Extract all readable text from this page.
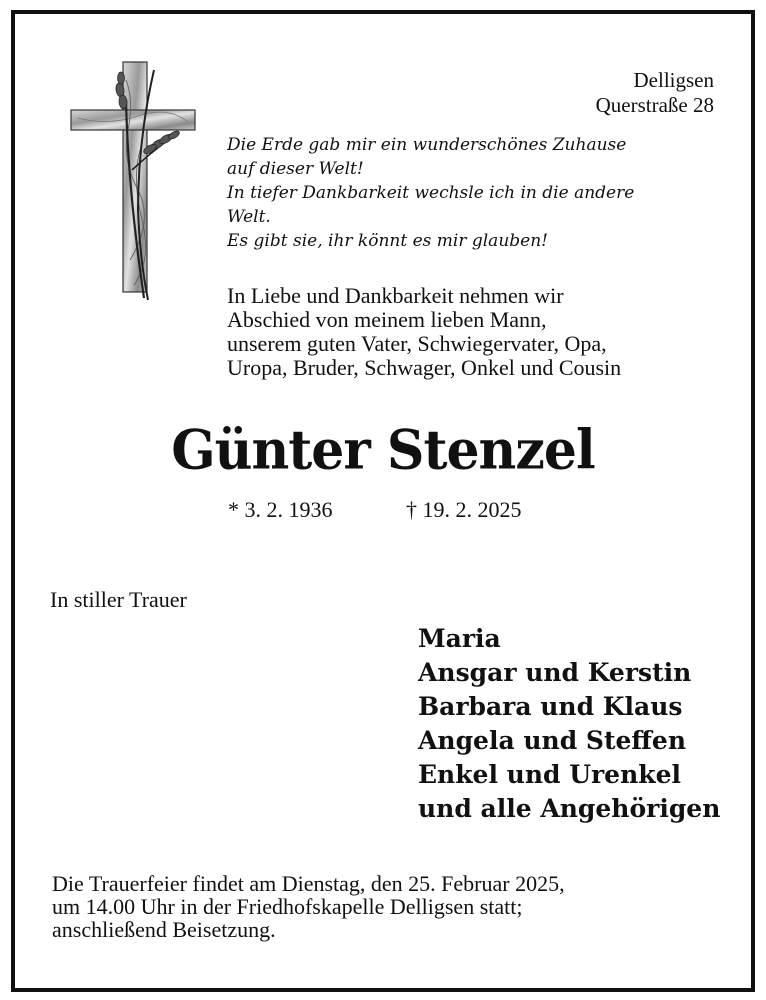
Delligsen
Querstraße 28
Die Erde gab mir ein wunderschönes Zuhause
auf dieser Welt!
In tiefer Dankbarkeit wechsle ich in die andere
Welt.
Es gibt sie, ihr könnt es mir glauben!
In Liebe und Dankbarkeit nehmen wir
Abschied von meinem lieben Mann,
unserem guten Vater, Schwiegervater, Opa,
Uropa, Bruder, Schwager, Onkel und Cousin
Günter Stenzel
* 3. 2. 1936	† 19. 2. 2025
In stiller Trauer
Maria
Ansgar und Kerstin
Barbara und Klaus
Angela und Steffen
Enkel und Urenkel
und alle Angehörigen
Die Trauerfeier findet am Dienstag, den 25. Februar 2025,
um 14.00 Uhr in der Friedhofskapelle Delligsen statt;
anschließend Beisetzung.
